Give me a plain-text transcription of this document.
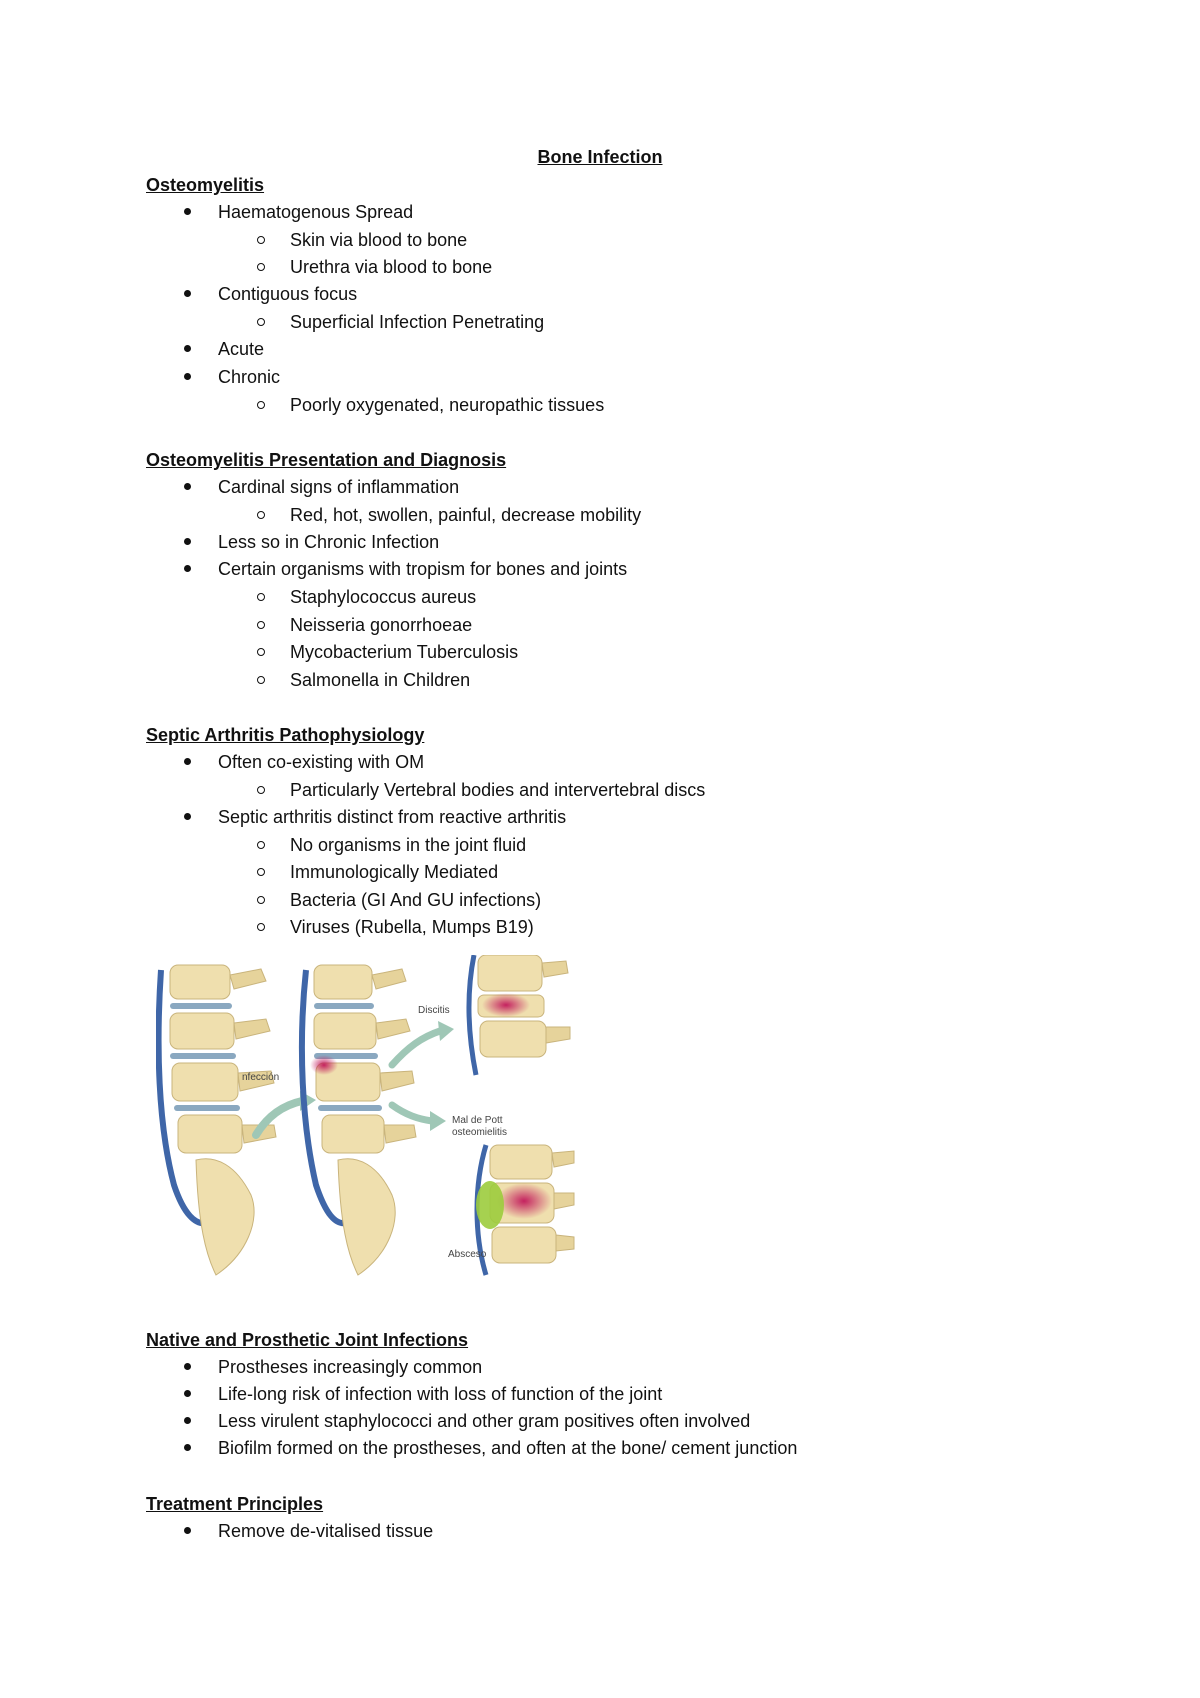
Bone Infection
Osteomyelitis
Haematogenous Spread
Skin via blood to bone
Urethra via blood to bone
Contiguous focus
Superficial Infection Penetrating
Acute
Chronic
Poorly oxygenated, neuropathic tissues
Osteomyelitis Presentation and Diagnosis
Cardinal signs of inflammation
Red, hot, swollen, painful, decrease mobility
Less so in Chronic Infection
Certain organisms with tropism for bones and joints
Staphylococcus aureus
Neisseria gonorrhoeae
Mycobacterium Tuberculosis
Salmonella in Children
Septic Arthritis Pathophysiology
Often co-existing with OM
Particularly Vertebral bodies and intervertebral discs
Septic arthritis distinct from reactive arthritis
No organisms in the joint fluid
Immunologically Mediated
Bacteria (GI And GU infections)
Viruses (Rubella, Mumps B19)
nfección
Discitis
Mal de Pott
osteomielitis
Absceso
Native and Prosthetic Joint Infections
Prostheses increasingly common
Life-long risk of infection with loss of function of the joint
Less virulent staphylococci and other gram positives often involved
Biofilm formed on the prostheses, and often at the bone/ cement junction
Treatment Principles
Remove de-vitalised tissue
